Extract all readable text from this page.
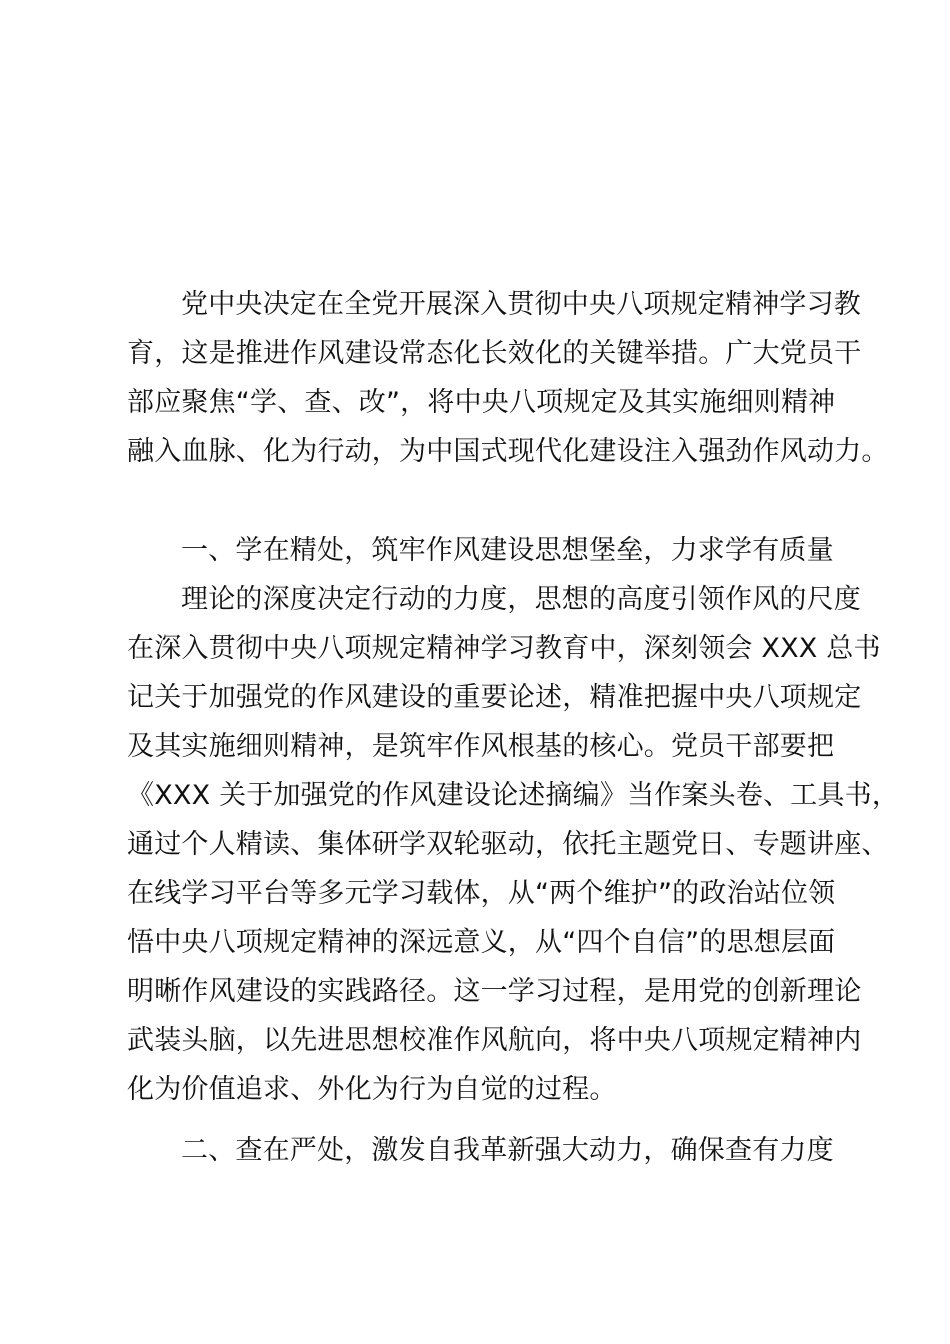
党中央决定在全党开展深入贯彻中央八项规定精神学习教
育，这是推进作风建设常态化长效化的关键举措。广大党员干
部应聚焦“学、查、改”，将中央八项规定及其实施细则精神
融入血脉、化为行动，为中国式现代化建设注入强劲作风动力。
一、学在精处，筑牢作风建设思想堡垒，力求学有质量
理论的深度决定行动的力度，思想的高度引领作风的尺度
在深入贯彻中央八项规定精神学习教育中，深刻领会 XXX 总书
记关于加强党的作风建设的重要论述，精准把握中央八项规定
及其实施细则精神，是筑牢作风根基的核心。党员干部要把
《XXX 关于加强党的作风建设论述摘编》当作案头卷、工具书，
通过个人精读、集体研学双轮驱动，依托主题党日、专题讲座、
在线学习平台等多元学习载体，从“两个维护”的政治站位领
悟中央八项规定精神的深远意义，从“四个自信”的思想层面
明晰作风建设的实践路径。这一学习过程，是用党的创新理论
武装头脑，以先进思想校准作风航向，将中央八项规定精神内
化为价值追求、外化为行为自觉的过程。
二、查在严处，激发自我革新强大动力，确保查有力度
